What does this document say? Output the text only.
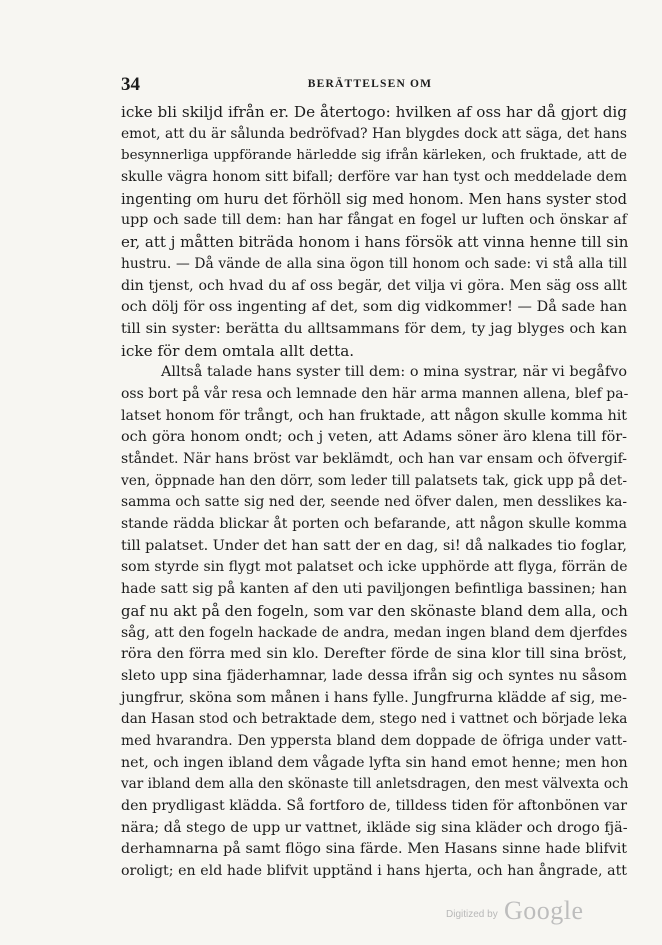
34	BERÄTTELSEN OM
icke bli skiljd ifrån er. De återtogo: hvilken af oss har då gjort dig
emot, att du är sålunda bedröfvad? Han blygdes dock att säga, det hans
besynnerliga uppförande härledde sig ifrån kärleken, och fruktade, att de
skulle vägra honom sitt bifall; derföre var han tyst och meddelade dem
ingenting om huru det förhöll sig med honom. Men hans syster stod
upp och sade till dem: han har fångat en fogel ur luften och önskar af
er, att j måtten biträda honom i hans försök att vinna henne till sin
hustru. — Då vände de alla sina ögon till honom och sade: vi stå alla till
din tjenst, och hvad du af oss begär, det vilja vi göra. Men säg oss allt
och dölj för oss ingenting af det, som dig vidkommer! — Då sade han
till sin syster: berätta du alltsammans för dem, ty jag blyges och kan
icke för dem omtala allt detta.
Alltså talade hans syster till dem: o mina systrar, när vi begåfvo
oss bort på vår resa och lemnade den här arma mannen allena, blef pa-
latset honom för trångt, och han fruktade, att någon skulle komma hit
och göra honom ondt; och j veten, att Adams söner äro klena till för-
ståndet. När hans bröst var beklämdt, och han var ensam och öfvergif-
ven, öppnade han den dörr, som leder till palatsets tak, gick upp på det-
samma och satte sig ned der, seende ned öfver dalen, men desslikes ka-
stande rädda blickar åt porten och befarande, att någon skulle komma
till palatset. Under det han satt der en dag, si! då nalkades tio foglar,
som styrde sin flygt mot palatset och icke upphörde att flyga, förrän de
hade satt sig på kanten af den uti paviljongen befintliga bassinen; han
gaf nu akt på den fogeln, som var den skönaste bland dem alla, och
såg, att den fogeln hackade de andra, medan ingen bland dem djerfdes
röra den förra med sin klo. Derefter förde de sina klor till sina bröst,
sleto upp sina fjäderhamnar, lade dessa ifrån sig och syntes nu såsom
jungfrur, sköna som månen i hans fylle. Jungfrurna klädde af sig, me-
dan Hasan stod och betraktade dem, stego ned i vattnet och började leka
med hvarandra. Den yppersta bland dem doppade de öfriga under vatt-
net, och ingen ibland dem vågade lyfta sin hand emot henne; men hon
var ibland dem alla den skönaste till anletsdragen, den mest välvexta och
den prydligast klädda. Så fortforo de, tilldess tiden för aftonbönen var
nära; då stego de upp ur vattnet, ikläde sig sina kläder och drogo fjä-
derhamnarna på samt flögo sina färde. Men Hasans sinne hade blifvit
oroligt; en eld hade blifvit upptänd i hans hjerta, och han ångrade, att
Digitized by Google
